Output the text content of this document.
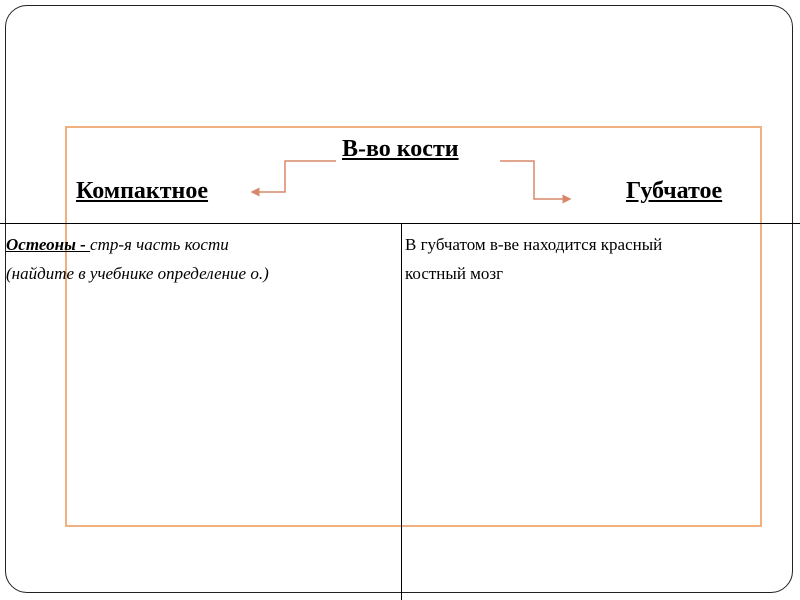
В-во кости
Компактное	Губчатое
Остеоны - стр-я часть кости
(найдите в учебнике определение о.)
В губчатом в-ве находится красный
костный мозг
